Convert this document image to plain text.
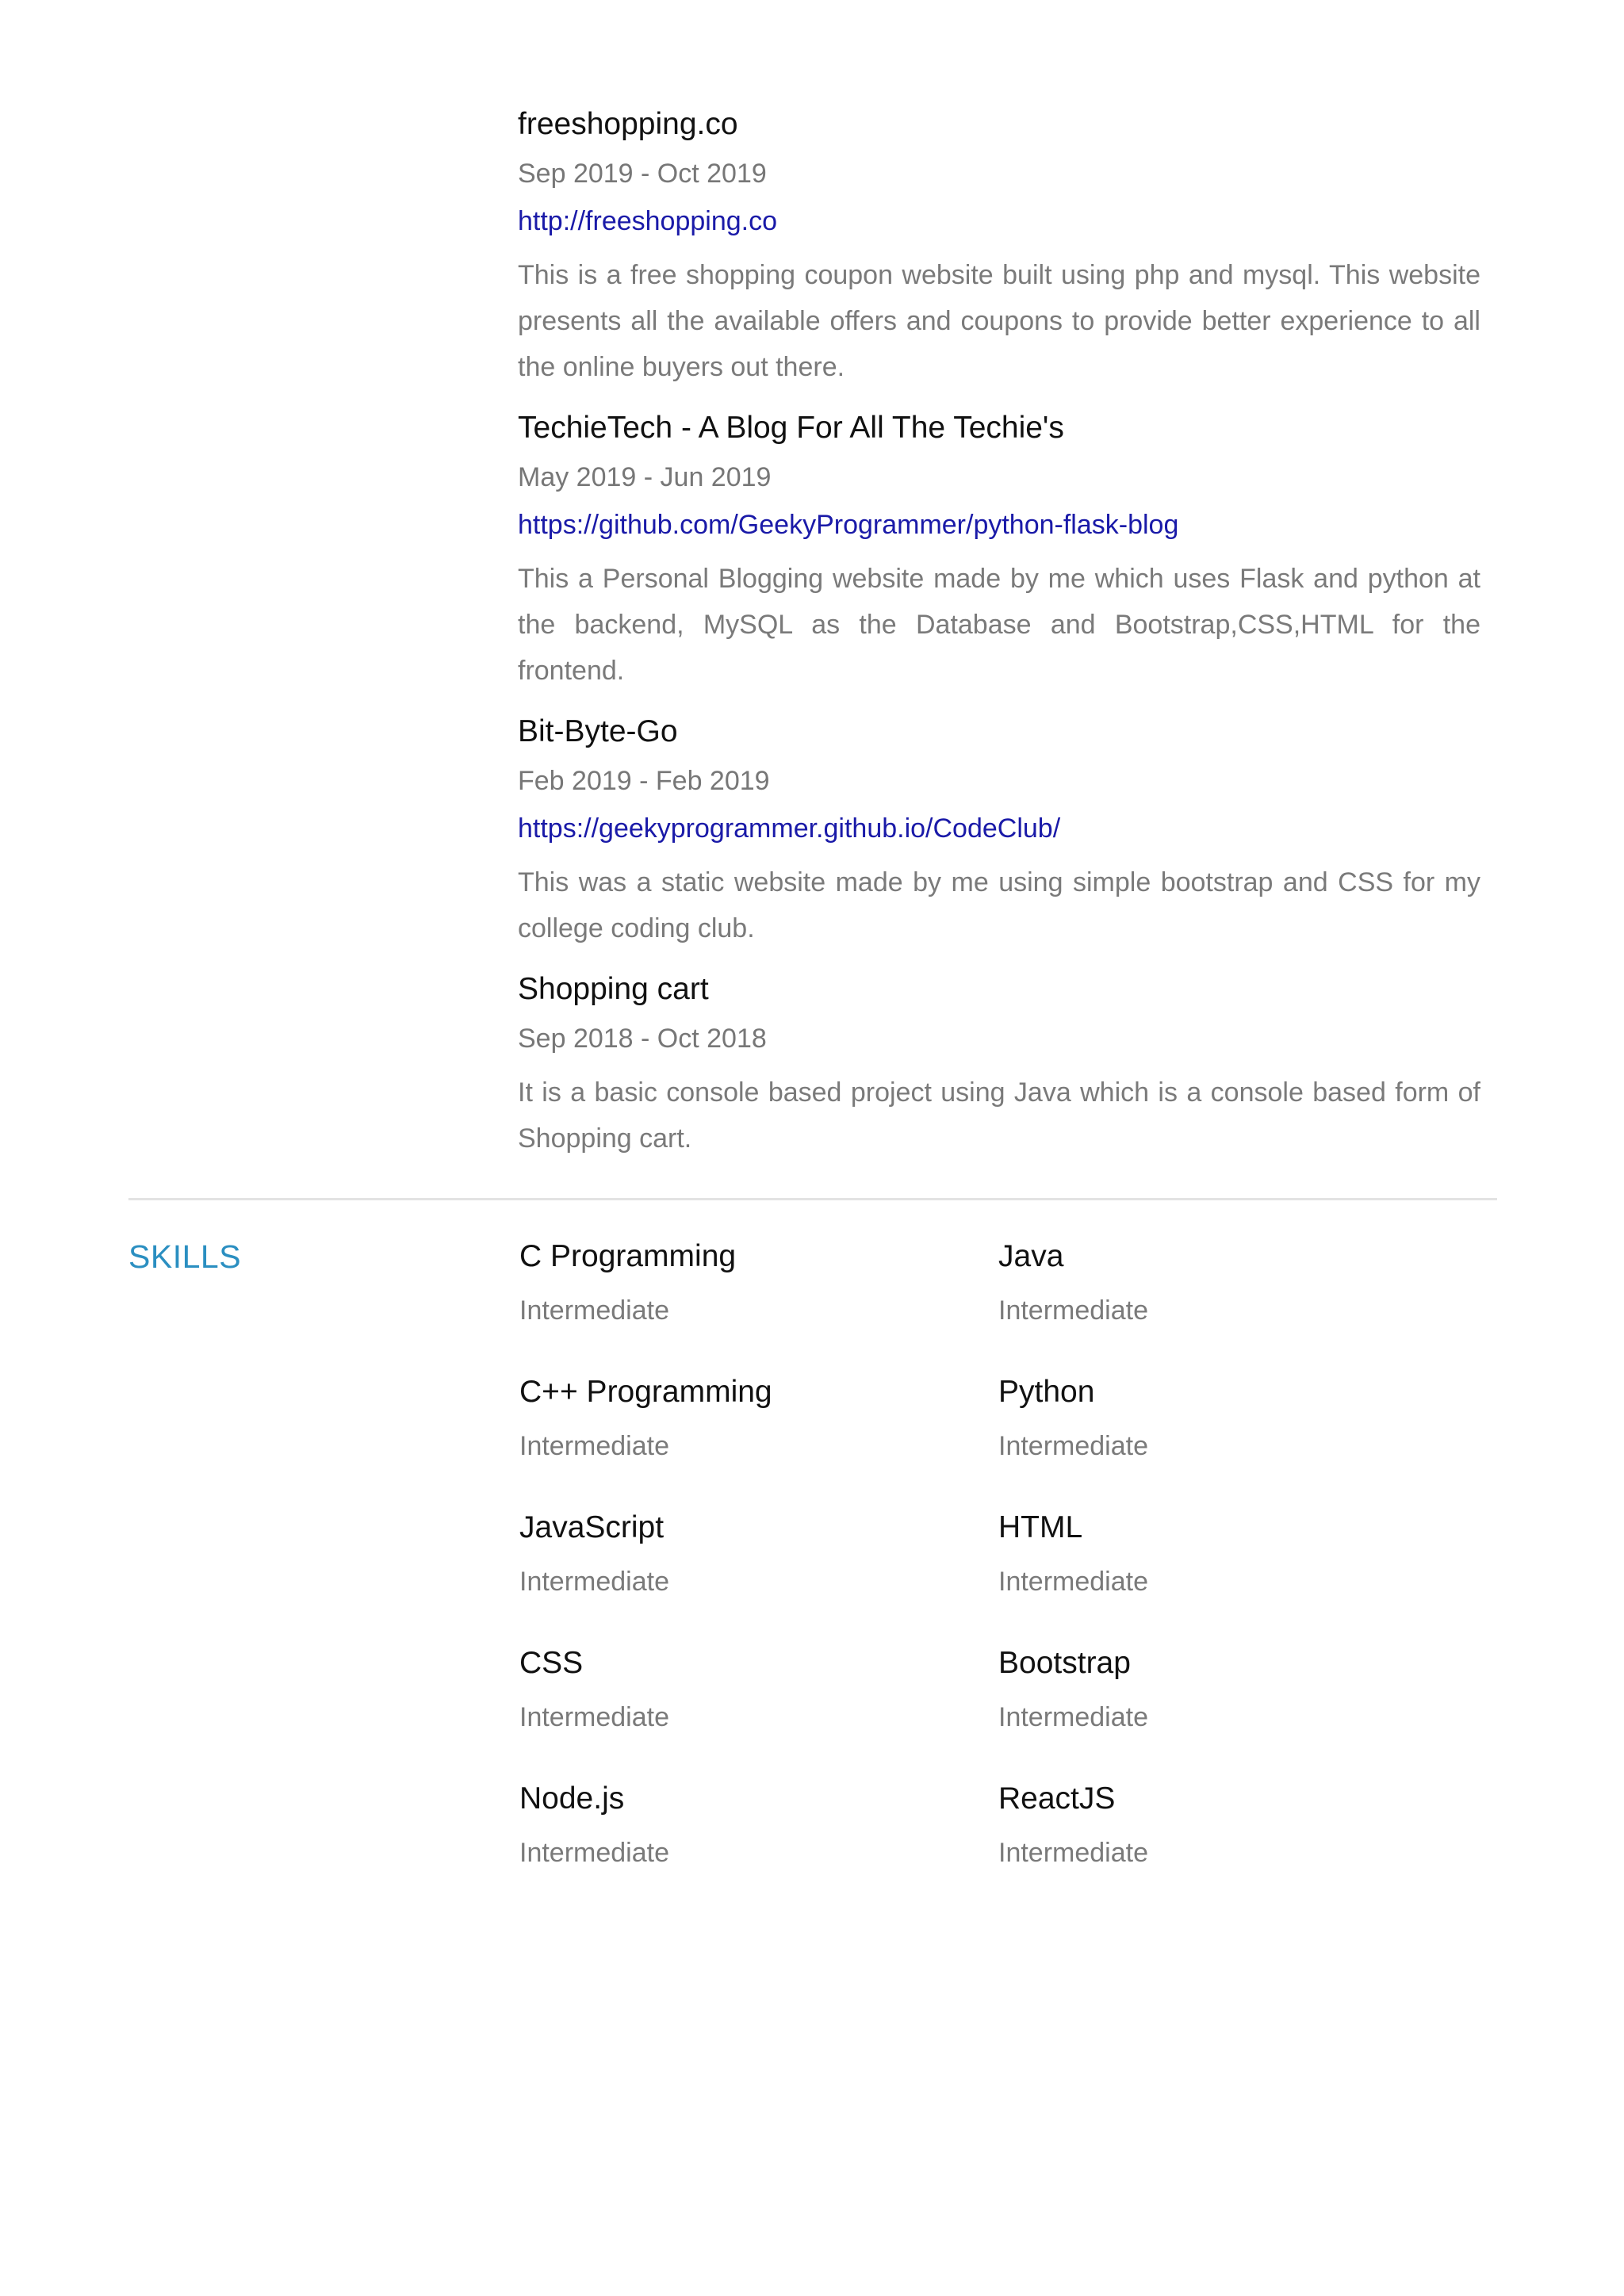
freeshopping.co
Sep 2019 - Oct 2019
http://freeshopping.co
This is a free shopping coupon website built using php and mysql. This website presents all the available offers and coupons to provide better experience to all the online buyers out there.
TechieTech - A Blog For All The Techie's
May 2019 - Jun 2019
https://github.com/GeekyProgrammer/python-flask-blog
This a Personal Blogging website made by me which uses Flask and python at the backend, MySQL as the Database and Bootstrap,CSS,HTML for the frontend.
Bit-Byte-Go
Feb 2019 - Feb 2019
https://geekyprogrammer.github.io/CodeClub/
This was a static website made by me using simple bootstrap and CSS for my college coding club.
Shopping cart
Sep 2018 - Oct 2018
It is a basic console based project using Java which is a console based form of Shopping cart.
SKILLS	C Programming
Intermediate
Java
Intermediate
C++ Programming
Intermediate
Python
Intermediate
JavaScript
Intermediate
HTML
Intermediate
CSS
Intermediate
Bootstrap
Intermediate
Node.js
Intermediate
ReactJS
Intermediate
